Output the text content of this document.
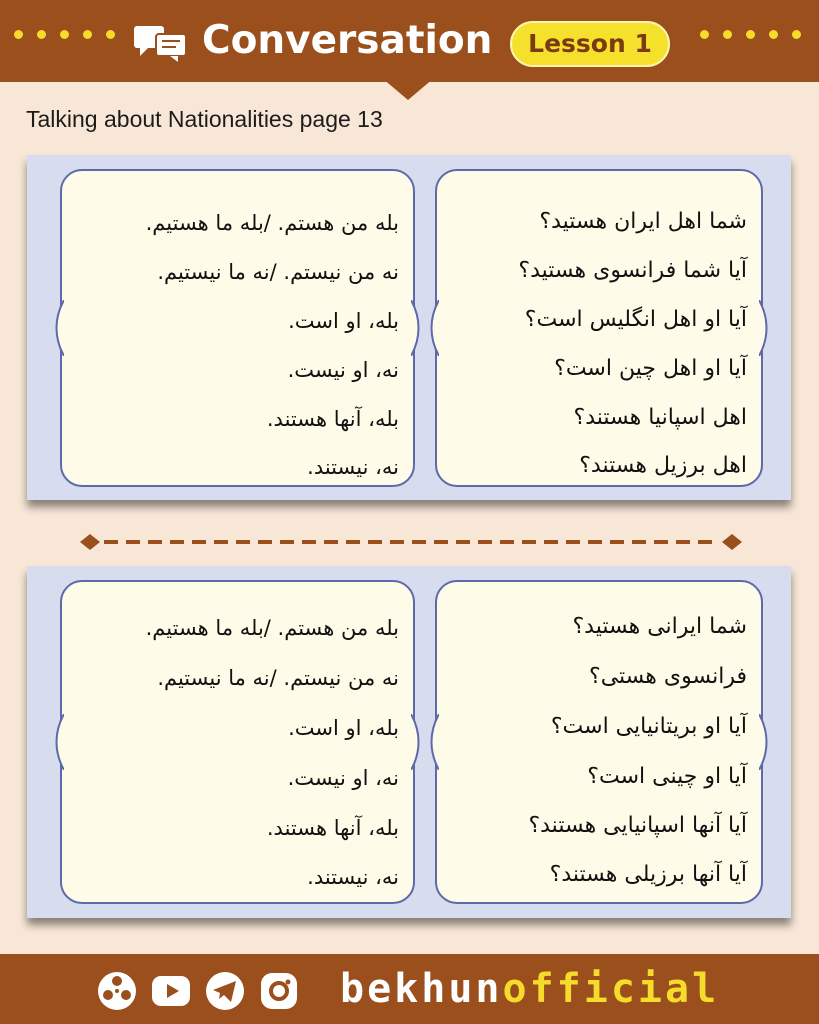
Conversation	Lesson 1
Talking about Nationalities page 13
بله من هستم. /بله ما هستیم.
نه من نیستم. /نه ما نیستیم.
بله، او است.
نه، او نیست.
بله، آنها هستند.
نه، نیستند.
شما اهل ایران هستید؟
آیا شما فرانسوی هستید؟
آیا او اهل انگلیس است؟
آیا او اهل چین است؟
اهل اسپانیا هستند؟
اهل برزیل هستند؟
بله من هستم. /بله ما هستیم.
نه من نیستم. /نه ما نیستیم.
بله، او است.
نه، او نیست.
بله، آنها هستند.
نه، نیستند.
شما ایرانی هستید؟
فرانسوی هستی؟
آیا او بریتانیایی است؟
آیا او چینی است؟
آیا آنها اسپانیایی هستند؟
آیا آنها برزیلی هستند؟
bekhunofficial
